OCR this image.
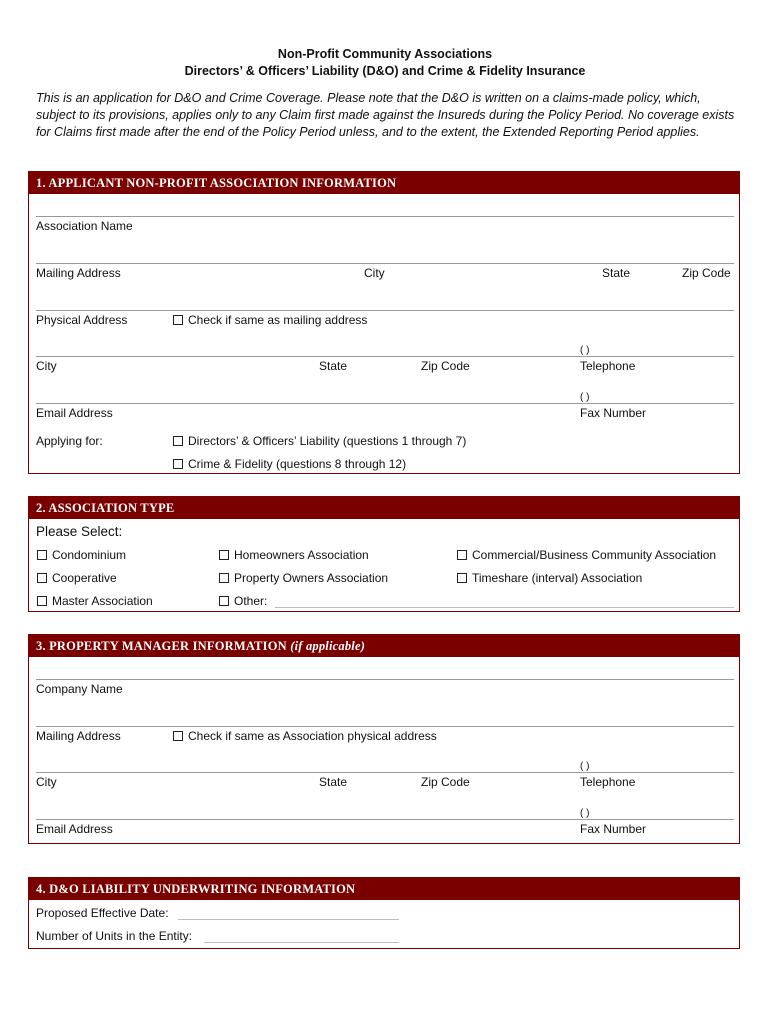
Non-Profit Community Associations
Directors’ & Officers’ Liability (D&O) and Crime & Fidelity Insurance
This is an application for D&O and Crime Coverage. Please note that the D&O is written on a claims-made policy, which, subject to its provisions, applies only to any Claim first made against the Insureds during the Policy Period. No coverage exists for Claims first made after the end of the Policy Period unless, and to the extent, the Extended Reporting Period applies.
1. APPLICANT NON-PROFIT ASSOCIATION INFORMATION
Association Name
Mailing Address	City	State	Zip Code
Physical Address	Check if same as mailing address
( )
City	State	Zip Code	Telephone
( )
Email Address	Fax Number
Applying for:	Directors’ & Officers’ Liability (questions 1 through 7)
Crime & Fidelity (questions 8 through 12)
2. ASSOCIATION TYPE
Please Select:
Condominium	Homeowners Association	Commercial/Business Community Association
Cooperative	Property Owners Association	Timeshare (interval) Association
Master Association	Other:
3. PROPERTY MANAGER INFORMATION (if applicable)
Company Name
Mailing Address	Check if same as Association physical address
( )
City	State	Zip Code	Telephone
( )
Email Address	Fax Number
4. D&O LIABILITY UNDERWRITING INFORMATION
Proposed Effective Date:
Number of Units in the Entity:
